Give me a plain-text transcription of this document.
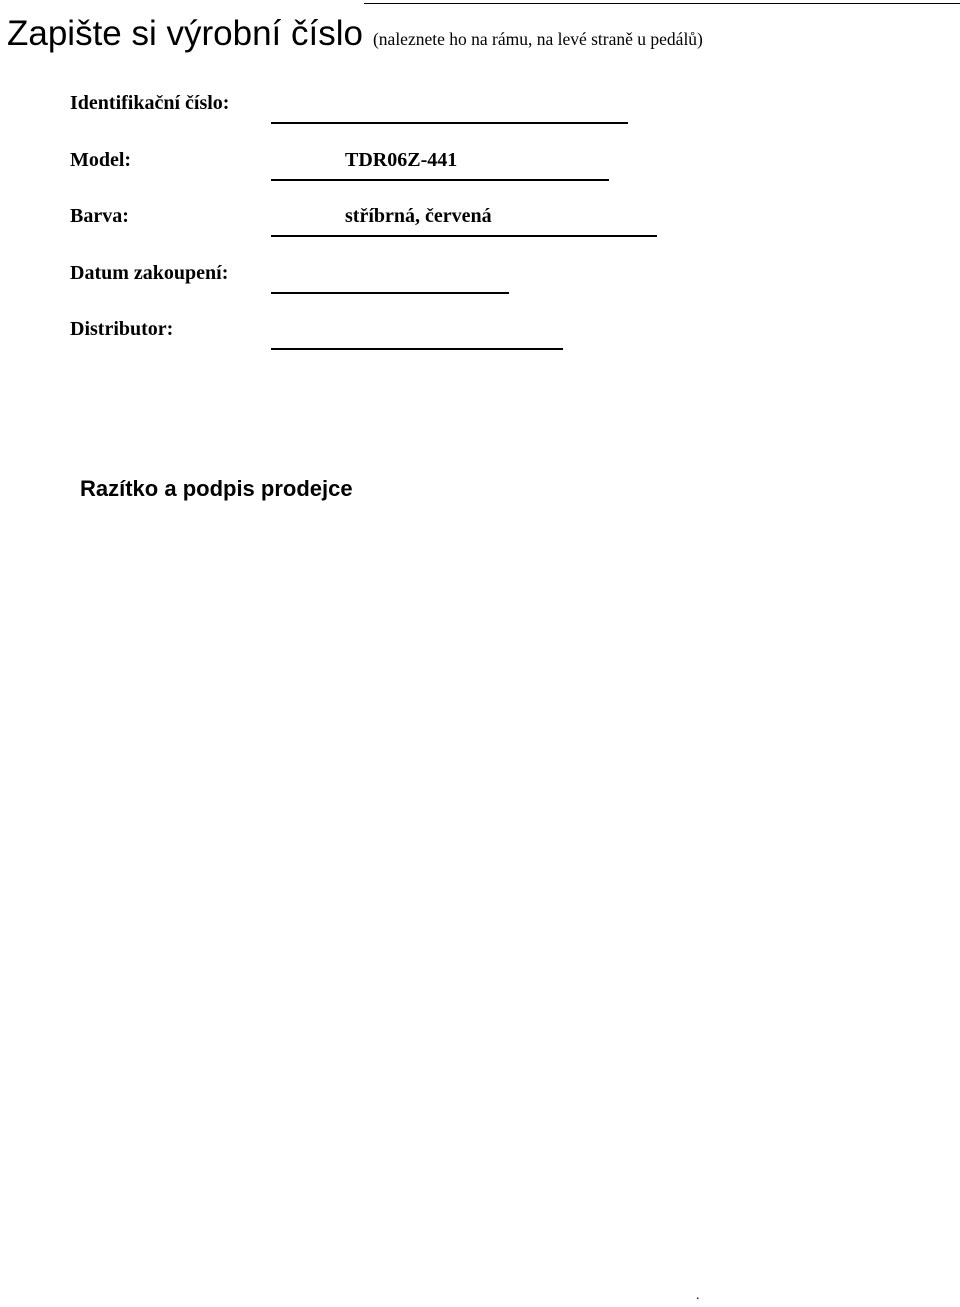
Zapište si výrobní číslo (naleznete ho na rámu, na levé straně u pedálů)
Identifikační číslo:
Model:	TDR06Z-441
Barva:	stříbrná, červená
Datum zakoupení:
Distributor:
Razítko a podpis prodejce
.
